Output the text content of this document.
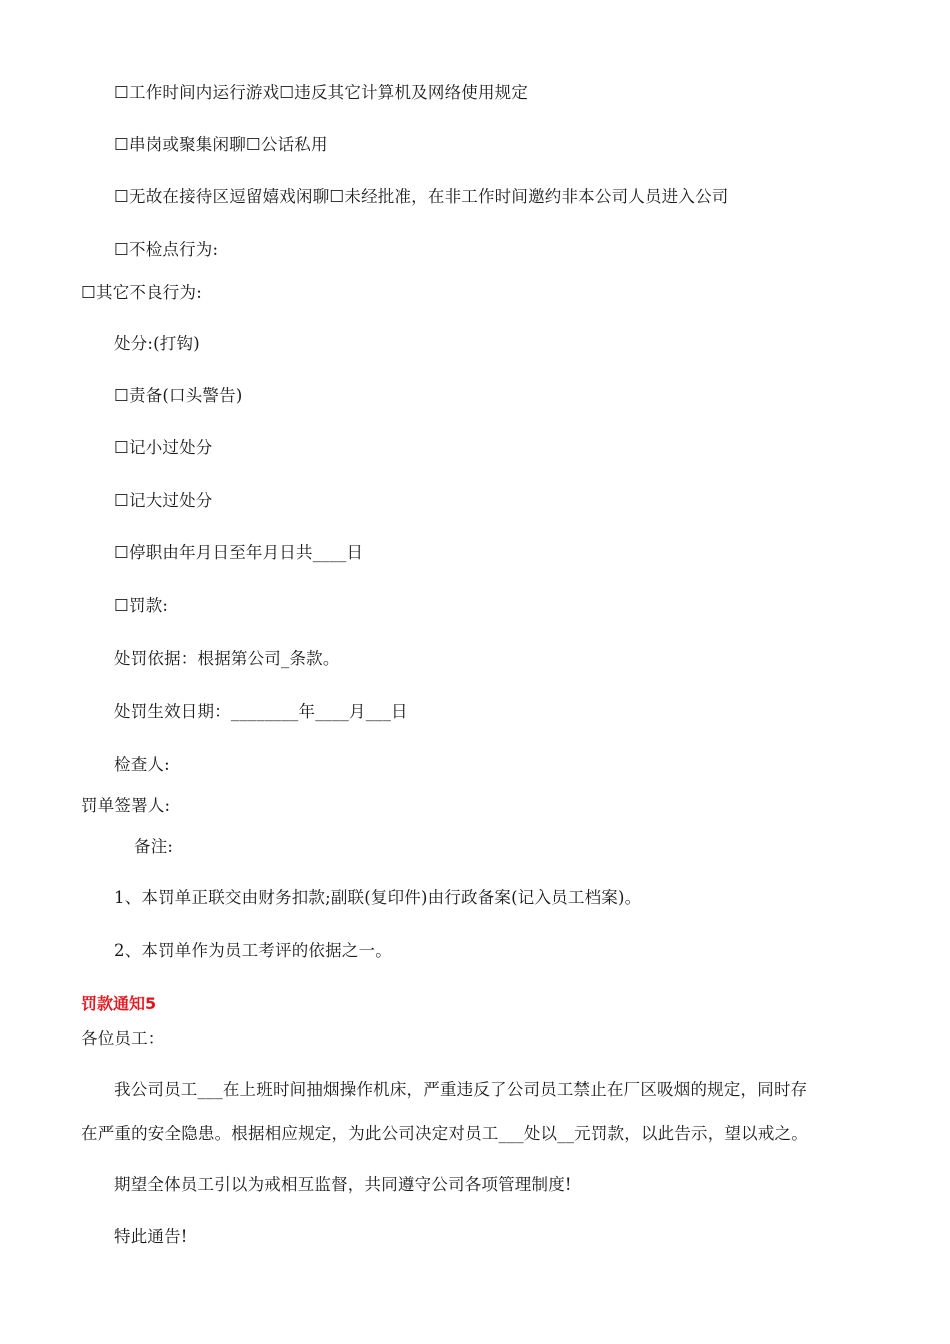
☐工作时间内运行游戏☐违反其它计算机及网络使用规定
☐串岗或聚集闲聊☐公话私用
☐无故在接待区逗留嬉戏闲聊☐未经批准，在非工作时间邀约非本公司人员进入公司
☐不检点行为:
☐其它不良行为:
处分:(打钩)
☐责备(口头警告)
☐记小过处分
☐记大过处分
☐停职由年月日至年月日共____日
☐罚款:
处罚依据：根据第公司_条款。
处罚生效日期：________年____月___日
检查人:
罚单签署人:
备注:
1、本罚单正联交由财务扣款;副联(复印件)由行政备案(记入员工档案)。
2、本罚单作为员工考评的依据之一。
罚款通知5
各位员工：
我公司员工___在上班时间抽烟操作机床，严重违反了公司员工禁止在厂区吸烟的规定，同时存
在严重的安全隐患。根据相应规定，为此公司决定对员工___处以__元罚款，以此告示，望以戒之。
期望全体员工引以为戒相互监督，共同遵守公司各项管理制度!
特此通告!
